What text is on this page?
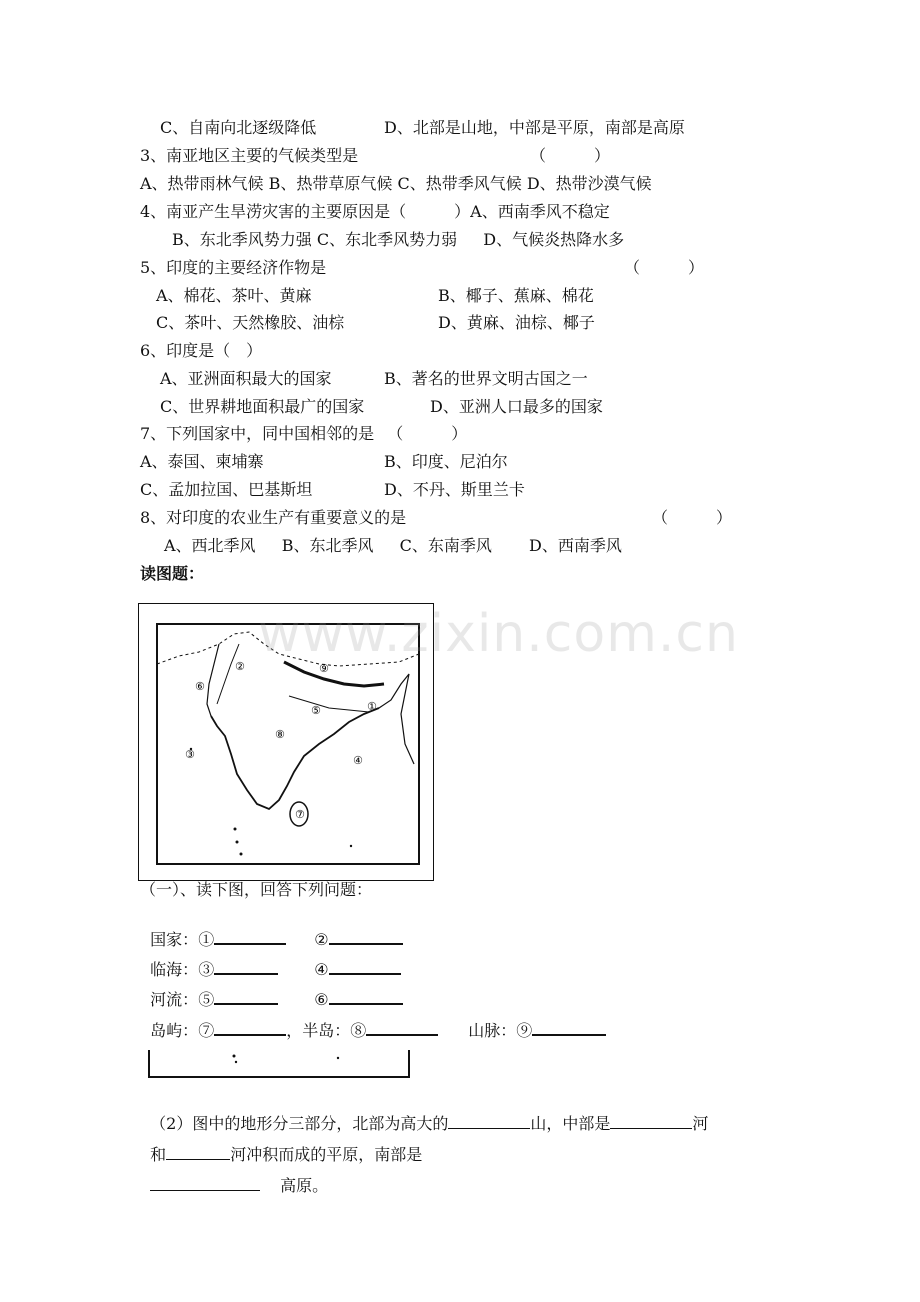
C、自南向北逐级降低	D、北部是山地，中部是平原，南部是高原
3、南亚地区主要的气候类型是	（　　　）
A、热带雨林气候 B、热带草原气候 C、热带季风气候 D、热带沙漠气候
4、南亚产生旱涝灾害的主要原因是（　　　）A、西南季风不稳定
B、东北季风势力强 C、东北季风势力弱 　 D、气候炎热降水多
5、印度的主要经济作物是	（　　　）
A、棉花、茶叶、黄麻	B、椰子、蕉麻、棉花
C、茶叶、天然橡胶、油棕	D、黄麻、油棕、椰子
6、印度是（　）
A、亚洲面积最大的国家	B、著名的世界文明古国之一
C、世界耕地面积最广的国家	D、亚洲人口最多的国家
7、下列国家中，同中国相邻的是 　（　　　）
A、泰国、柬埔寨	B、印度、尼泊尔
C、孟加拉国、巴基斯坦	D、不丹、斯里兰卡
8、对印度的农业生产有重要意义的是	（　　　）
A、西北季风 　 B、东北季风 　 C、东南季风 　　D、西南季风
读图题：
①
②
③	④
⑤
⑥
⑦
⑧
⑨
www.zixin.com.cn
（一）、读下图，回答下列问题：

国家：①	②

临海：③	④

河流：⑤	⑥

岛屿：⑦	，半岛：⑧	山脉：⑨

（2）图中的地形分三部分，北部为高大的	山，中部是	河

和	河冲积而成的平原，南部是

高原。
